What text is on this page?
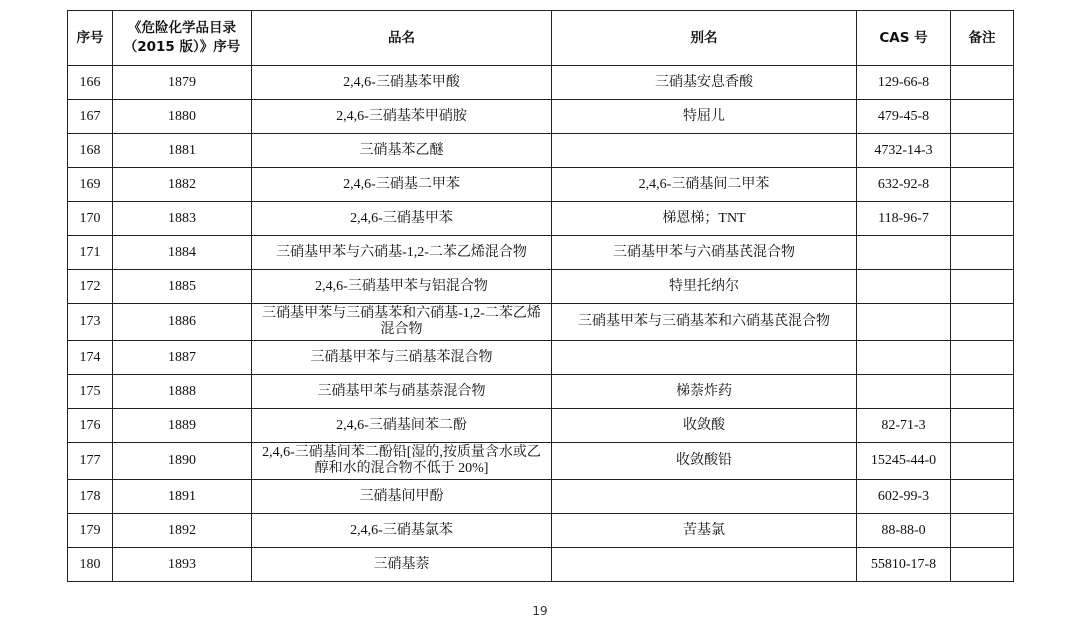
序号	《危险化学品目录
（2015 版）》序号	品名	别名	CAS 号	备注
166	1879	2,4,6-三硝基苯甲酸	三硝基安息香酸	129-66-8	
167	1880	2,4,6-三硝基苯甲硝胺	特屈儿	479-45-8	
168	1881	三硝基苯乙醚		4732-14-3	
169	1882	2,4,6-三硝基二甲苯	2,4,6-三硝基间二甲苯	632-92-8	
170	1883	2,4,6-三硝基甲苯	梯恩梯；TNT	118-96-7	
171	1884	三硝基甲苯与六硝基-1,2-二苯乙烯混合物	三硝基甲苯与六硝基芪混合物		
172	1885	2,4,6-三硝基甲苯与铝混合物	特里托纳尔		
173	1886	三硝基甲苯与三硝基苯和六硝基-1,2-二苯乙烯混合物	三硝基甲苯与三硝基苯和六硝基芪混合物		
174	1887	三硝基甲苯与三硝基苯混合物			
175	1888	三硝基甲苯与硝基萘混合物	梯萘炸药		
176	1889	2,4,6-三硝基间苯二酚	收敛酸	82-71-3	
177	1890	2,4,6-三硝基间苯二酚铅[湿的,按质量含水或乙醇和水的混合物不低于 20%]	收敛酸铅	15245-44-0	
178	1891	三硝基间甲酚		602-99-3	
179	1892	2,4,6-三硝基氯苯	苦基氯	88-88-0	
180	1893	三硝基萘		55810-17-8	
19
